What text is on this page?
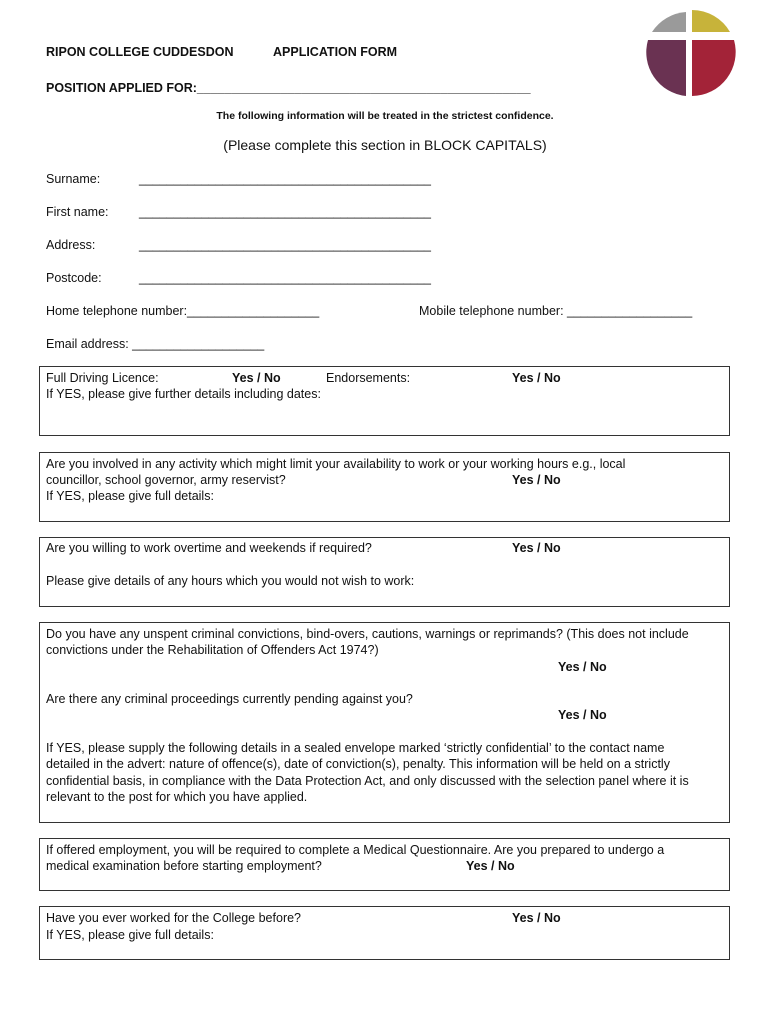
RIPON COLLEGE CUDDESDON	APPLICATION FORM
POSITION APPLIED FOR:________________________________________________
The following information will be treated in the strictest confidence.
(Please complete this section in BLOCK CAPITALS)
Surname:	__________________________________________
First name: __________________________________________
Address:	__________________________________________
Postcode:	__________________________________________
Home telephone number:___________________	Mobile telephone number: __________________
Email address: ___________________
Full Driving Licence:	Yes / No	Endorsements:	Yes / No
If YES, please give further details including dates:
Are you involved in any activity which might limit your availability to work or your working hours e.g., local
councillor, school governor, army reservist?	Yes / No
If YES, please give full details:
Are you willing to work overtime and weekends if required?	Yes / No
Please give details of any hours which you would not wish to work:
Do you have any unspent criminal convictions, bind-overs, cautions, warnings or reprimands? (This does not include
convictions under the Rehabilitation of Offenders Act 1974?)
Yes / No
Are there any criminal proceedings currently pending against you?
Yes / No
If YES, please supply the following details in a sealed envelope marked ‘strictly confidential’ to the contact name
detailed in the advert: nature of offence(s), date of conviction(s), penalty. This information will be held on a strictly
confidential basis, in compliance with the Data Protection Act, and only discussed with the selection panel where it is
relevant to the post for which you have applied.
If offered employment, you will be required to complete a Medical Questionnaire. Are you prepared to undergo a
medical examination before starting employment?	Yes / No
Have you ever worked for the College before?	Yes / No
If YES, please give full details:
